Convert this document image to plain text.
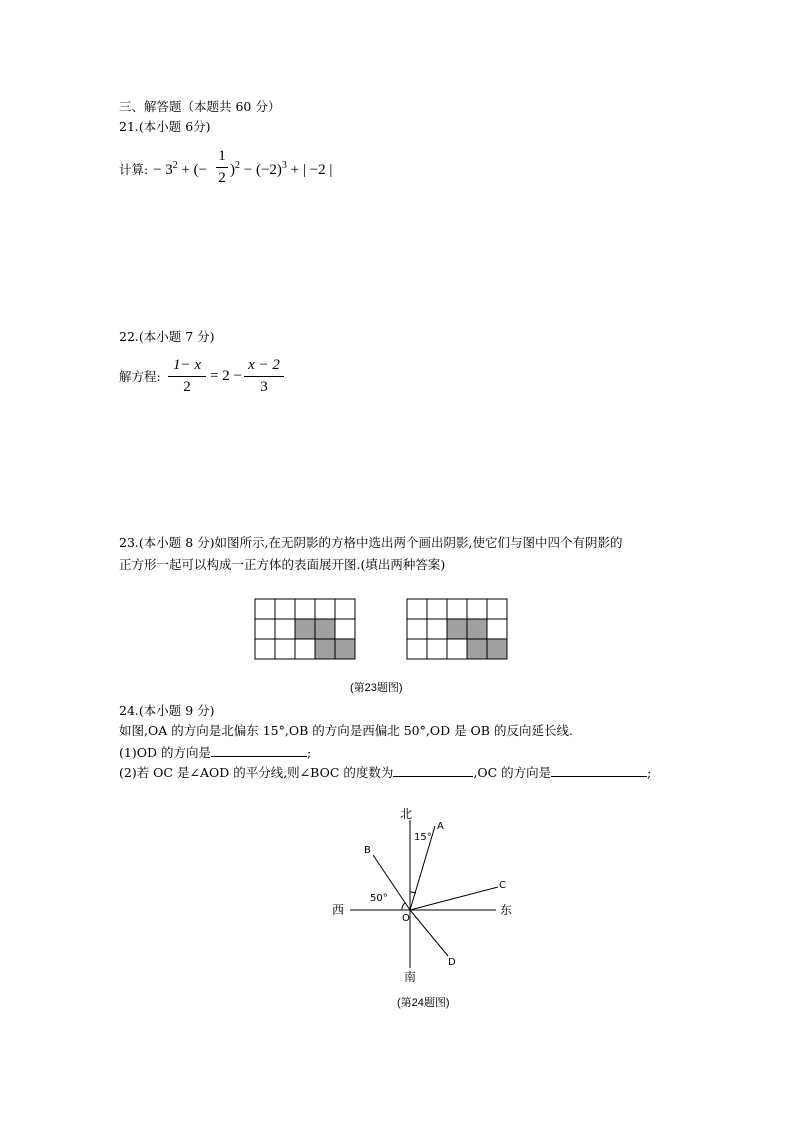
三、解答题（本题共 60 分）
21.(本小题 6分)
计算: − $3^2$ + (−
1
2 )$^2 - (-2)^3$ + | −2 |
22.(本小题 7 分)
解方程:
1− x
2
= 2 −
x − 2
3
23.(本小题 8 分)如图所示,在无阴影的方格中选出两个画出阴影,使它们与图中四个有阴影的
正方形一起可以构成一正方体的表面展开图.(填出两种答案)
(第23题图)
24.(本小题 9 分)
如图,OA 的方向是北偏东 15°,OB 的方向是西偏北 50°,OD 是 OB 的反向延长线.
(1)OD 的方向是	;
(2)若 OC 是∠AOD 的平分线,则∠BOC 的度数为	,OC 的方向是	;
北
南
东
西
O
A
B
C
D
15°
50°
(第24题图)
